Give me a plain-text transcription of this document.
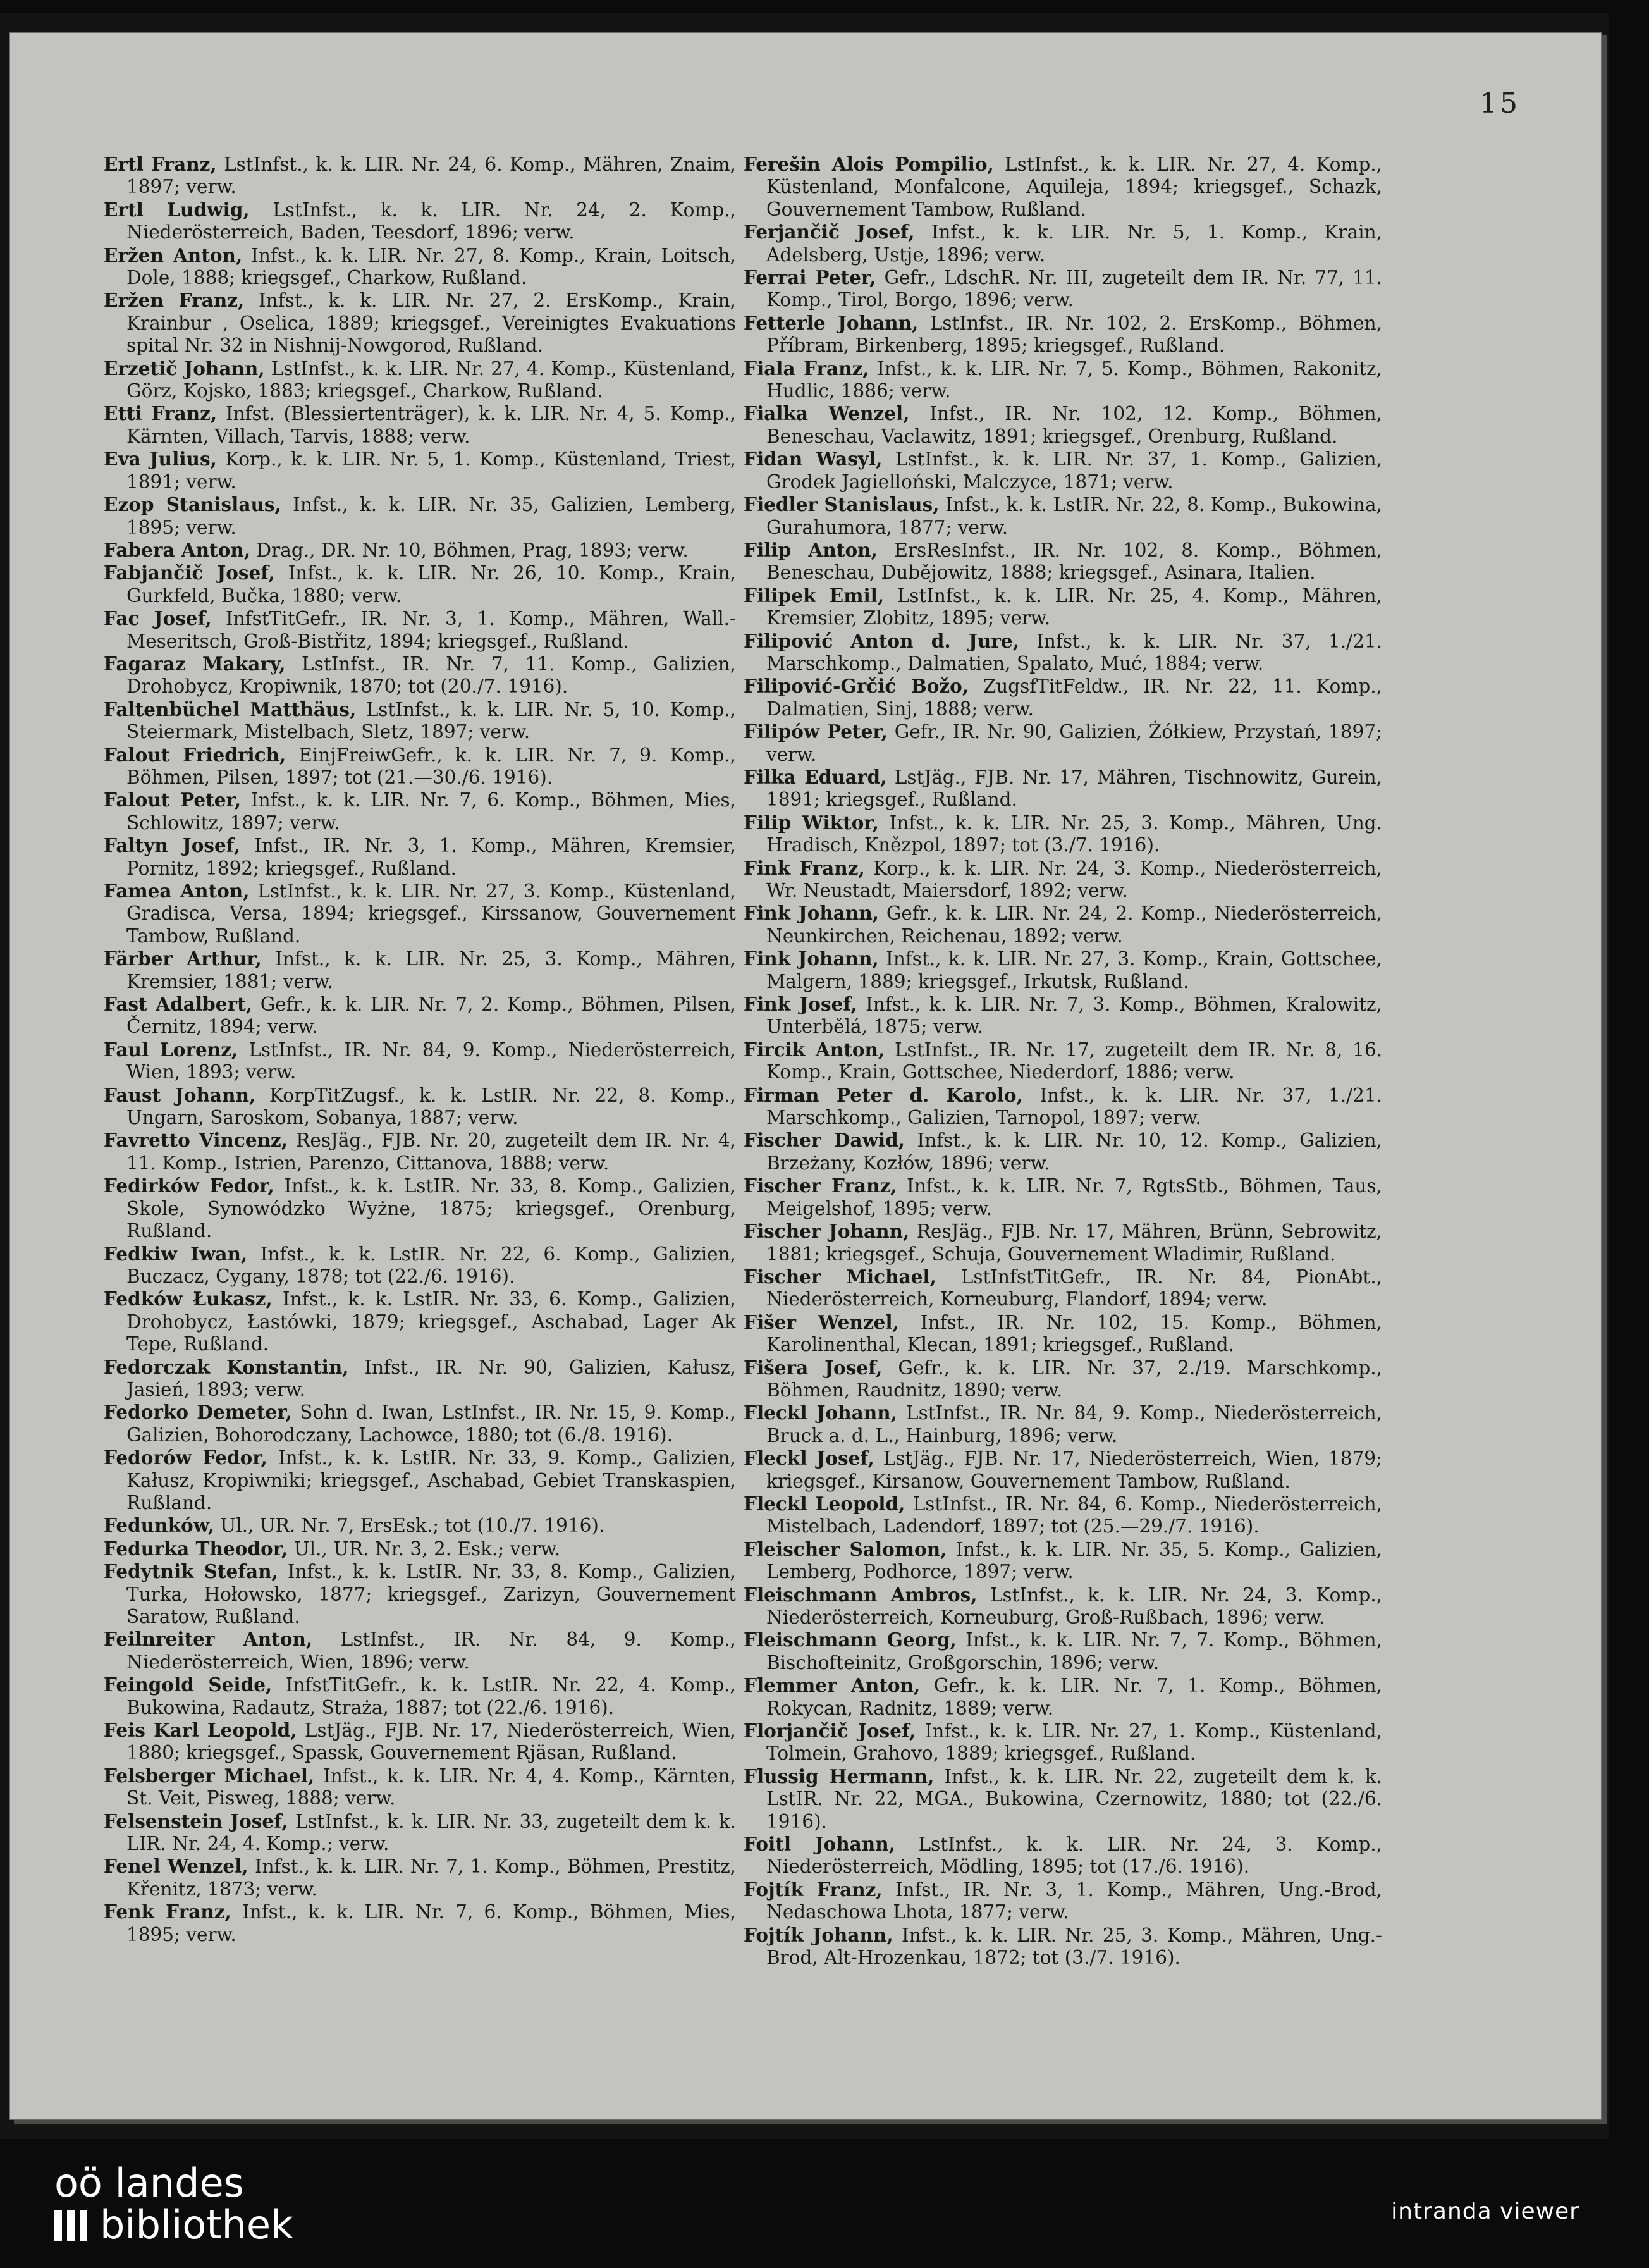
15

Ertl Franz, LstInfst., k. k. LIR. Nr. 24, 6. Komp., Mähren, Znaim, 1897; verw.

Ertl Ludwig, LstInfst., k. k. LIR. Nr. 24, 2. Komp., Niederösterreich, Baden, Teesdorf, 1896; verw.

Eržen Anton, Infst., k. k. LIR. Nr. 27, 8. Komp., Krain, Loitsch, Dole, 1888; kriegsgef., Charkow, Rußland.

Eržen Franz, Infst., k. k. LIR. Nr. 27, 2. ErsKomp., Krain, Krainbur , Oselica, 1889; kriegsgef., Vereinigtes Evakuations spital Nr. 32 in Nishnij-Nowgorod, Rußland.

Erzetič Johann, LstInfst., k. k. LIR. Nr. 27, 4. Komp., Küstenland, Görz, Kojsko, 1883; kriegsgef., Charkow, Rußland.

Etti Franz, Infst. (Blessiertenträger), k. k. LIR. Nr. 4, 5. Komp., Kärnten, Villach, Tarvis, 1888; verw.

Eva Julius, Korp., k. k. LIR. Nr. 5, 1. Komp., Küstenland, Triest, 1891; verw.

Ezop Stanislaus, Infst., k. k. LIR. Nr. 35, Galizien, Lemberg, 1895; verw.

Fabera Anton, Drag., DR. Nr. 10, Böhmen, Prag, 1893; verw.

Fabjančič Josef, Infst., k. k. LIR. Nr. 26, 10. Komp., Krain, Gurkfeld, Bučka, 1880; verw.

Fac Josef, InfstTitGefr., IR. Nr. 3, 1. Komp., Mähren, Wall.-Meseritsch, Groß-Bistřitz, 1894; kriegsgef., Rußland.

Fagaraz Makary, LstInfst., IR. Nr. 7, 11. Komp., Galizien, Drohobycz, Kropiwnik, 1870; tot (20./7. 1916).

Faltenbüchel Matthäus, LstInfst., k. k. LIR. Nr. 5, 10. Komp., Steiermark, Mistelbach, Sletz, 1897; verw.

Falout Friedrich, EinjFreiwGefr., k. k. LIR. Nr. 7, 9. Komp., Böhmen, Pilsen, 1897; tot (21.—30./6. 1916).

Falout Peter, Infst., k. k. LIR. Nr. 7, 6. Komp., Böhmen, Mies, Schlowitz, 1897; verw.

Faltyn Josef, Infst., IR. Nr. 3, 1. Komp., Mähren, Kremsier, Pornitz, 1892; kriegsgef., Rußland.

Famea Anton, LstInfst., k. k. LIR. Nr. 27, 3. Komp., Küstenland, Gradisca, Versa, 1894; kriegsgef., Kirssanow, Gouvernement Tambow, Rußland.

Färber Arthur, Infst., k. k. LIR. Nr. 25, 3. Komp., Mähren, Kremsier, 1881; verw.

Fast Adalbert, Gefr., k. k. LIR. Nr. 7, 2. Komp., Böhmen, Pilsen, Černitz, 1894; verw.

Faul Lorenz, LstInfst., IR. Nr. 84, 9. Komp., Niederösterreich, Wien, 1893; verw.

Faust Johann, KorpTitZugsf., k. k. LstIR. Nr. 22, 8. Komp., Ungarn, Saroskom, Sobanya, 1887; verw.

Favretto Vincenz, ResJäg., FJB. Nr. 20, zugeteilt dem IR. Nr. 4, 11. Komp., Istrien, Parenzo, Cittanova, 1888; verw.

Fedirków Fedor, Infst., k. k. LstIR. Nr. 33, 8. Komp., Galizien, Skole, Synowódzko Wyżne, 1875; kriegsgef., Orenburg, Rußland.

Fedkiw Iwan, Infst., k. k. LstIR. Nr. 22, 6. Komp., Galizien, Buczacz, Cygany, 1878; tot (22./6. 1916).

Fedków Łukasz, Infst., k. k. LstIR. Nr. 33, 6. Komp., Galizien, Drohobycz, Łastówki, 1879; kriegsgef., Aschabad, Lager Ak Tepe, Rußland.

Fedorczak Konstantin, Infst., IR. Nr. 90, Galizien, Kałusz, Jasień, 1893; verw.

Fedorko Demeter, Sohn d. Iwan, LstInfst., IR. Nr. 15, 9. Komp., Galizien, Bohorodczany, Lachowce, 1880; tot (6./8. 1916).

Fedorów Fedor, Infst., k. k. LstIR. Nr. 33, 9. Komp., Galizien, Kałusz, Kropiwniki; kriegsgef., Aschabad, Gebiet Transkaspien, Rußland.

Fedunków, Ul., UR. Nr. 7, ErsEsk.; tot (10./7. 1916).

Fedurka Theodor, Ul., UR. Nr. 3, 2. Esk.; verw.

Fedytnik Stefan, Infst., k. k. LstIR. Nr. 33, 8. Komp., Galizien, Turka, Hołowsko, 1877; kriegsgef., Zarizyn, Gouvernement Saratow, Rußland.

Feilnreiter Anton, LstInfst., IR. Nr. 84, 9. Komp., Niederösterreich, Wien, 1896; verw.

Feingold Seide, InfstTitGefr., k. k. LstIR. Nr. 22, 4. Komp., Bukowina, Radautz, Straża, 1887; tot (22./6. 1916).

Feis Karl Leopold, LstJäg., FJB. Nr. 17, Niederösterreich, Wien, 1880; kriegsgef., Spassk, Gouvernement Rjäsan, Rußland.

Felsberger Michael, Infst., k. k. LIR. Nr. 4, 4. Komp., Kärnten, St. Veit, Pisweg, 1888; verw.

Felsenstein Josef, LstInfst., k. k. LIR. Nr. 33, zugeteilt dem k. k. LIR. Nr. 24, 4. Komp.; verw.

Fenel Wenzel, Infst., k. k. LIR. Nr. 7, 1. Komp., Böhmen, Prestitz, Křenitz, 1873; verw.

Fenk Franz, Infst., k. k. LIR. Nr. 7, 6. Komp., Böhmen, Mies, 1895; verw.

Ferešin Alois Pompilio, LstInfst., k. k. LIR. Nr. 27, 4. Komp., Küstenland, Monfalcone, Aquileja, 1894; kriegsgef., Schazk, Gouvernement Tambow, Rußland.

Ferjančič Josef, Infst., k. k. LIR. Nr. 5, 1. Komp., Krain, Adelsberg, Ustje, 1896; verw.

Ferrai Peter, Gefr., LdschR. Nr. III, zugeteilt dem IR. Nr. 77, 11. Komp., Tirol, Borgo, 1896; verw.

Fetterle Johann, LstInfst., IR. Nr. 102, 2. ErsKomp., Böhmen, Příbram, Birkenberg, 1895; kriegsgef., Rußland.

Fiala Franz, Infst., k. k. LIR. Nr. 7, 5. Komp., Böhmen, Rakonitz, Hudlic, 1886; verw.

Fialka Wenzel, Infst., IR. Nr. 102, 12. Komp., Böhmen, Beneschau, Vaclawitz, 1891; kriegsgef., Orenburg, Rußland.

Fidan Wasyl, LstInfst., k. k. LIR. Nr. 37, 1. Komp., Galizien, Grodek Jagielloński, Malczyce, 1871; verw.

Fiedler Stanislaus, Infst., k. k. LstIR. Nr. 22, 8. Komp., Bukowina, Gurahumora, 1877; verw.

Filip Anton, ErsResInfst., IR. Nr. 102, 8. Komp., Böhmen, Beneschau, Dubějowitz, 1888; kriegsgef., Asinara, Italien.

Filipek Emil, LstInfst., k. k. LIR. Nr. 25, 4. Komp., Mähren, Kremsier, Zlobitz, 1895; verw.

Filipović Anton d. Jure, Infst., k. k. LIR. Nr. 37, 1./21. Marschkomp., Dalmatien, Spalato, Muć, 1884; verw.

Filipović-Grčić Božo, ZugsfTitFeldw., IR. Nr. 22, 11. Komp., Dalmatien, Sinj, 1888; verw.

Filipów Peter, Gefr., IR. Nr. 90, Galizien, Żółkiew, Przystań, 1897; verw.

Filka Eduard, LstJäg., FJB. Nr. 17, Mähren, Tischnowitz, Gurein, 1891; kriegsgef., Rußland.

Filip Wiktor, Infst., k. k. LIR. Nr. 25, 3. Komp., Mähren, Ung. Hradisch, Knězpol, 1897; tot (3./7. 1916).

Fink Franz, Korp., k. k. LIR. Nr. 24, 3. Komp., Niederösterreich, Wr. Neustadt, Maiersdorf, 1892; verw.

Fink Johann, Gefr., k. k. LIR. Nr. 24, 2. Komp., Niederösterreich, Neunkirchen, Reichenau, 1892; verw.

Fink Johann, Infst., k. k. LIR. Nr. 27, 3. Komp., Krain, Gottschee, Malgern, 1889; kriegsgef., Irkutsk, Rußland.

Fink Josef, Infst., k. k. LIR. Nr. 7, 3. Komp., Böhmen, Kralowitz, Unterbělá, 1875; verw.

Fircik Anton, LstInfst., IR. Nr. 17, zugeteilt dem IR. Nr. 8, 16. Komp., Krain, Gottschee, Niederdorf, 1886; verw.

Firman Peter d. Karolo, Infst., k. k. LIR. Nr. 37, 1./21. Marschkomp., Galizien, Tarnopol, 1897; verw.

Fischer Dawid, Infst., k. k. LIR. Nr. 10, 12. Komp., Galizien, Brzeżany, Kozłów, 1896; verw.

Fischer Franz, Infst., k. k. LIR. Nr. 7, RgtsStb., Böhmen, Taus, Meigelshof, 1895; verw.

Fischer Johann, ResJäg., FJB. Nr. 17, Mähren, Brünn, Sebrowitz, 1881; kriegsgef., Schuja, Gouvernement Wladimir, Rußland.

Fischer Michael, LstInfstTitGefr., IR. Nr. 84, PionAbt., Niederösterreich, Korneuburg, Flandorf, 1894; verw.

Fišer Wenzel, Infst., IR. Nr. 102, 15. Komp., Böhmen, Karolinenthal, Klecan, 1891; kriegsgef., Rußland.

Fišera Josef, Gefr., k. k. LIR. Nr. 37, 2./19. Marschkomp., Böhmen, Raudnitz, 1890; verw.

Fleckl Johann, LstInfst., IR. Nr. 84, 9. Komp., Niederösterreich, Bruck a. d. L., Hainburg, 1896; verw.

Fleckl Josef, LstJäg., FJB. Nr. 17, Niederösterreich, Wien, 1879; kriegsgef., Kirsanow, Gouvernement Tambow, Rußland.

Fleckl Leopold, LstInfst., IR. Nr. 84, 6. Komp., Niederösterreich, Mistelbach, Ladendorf, 1897; tot (25.—29./7. 1916).

Fleischer Salomon, Infst., k. k. LIR. Nr. 35, 5. Komp., Galizien, Lemberg, Podhorce, 1897; verw.

Fleischmann Ambros, LstInfst., k. k. LIR. Nr. 24, 3. Komp., Niederösterreich, Korneuburg, Groß-Rußbach, 1896; verw.

Fleischmann Georg, Infst., k. k. LIR. Nr. 7, 7. Komp., Böhmen, Bischofteinitz, Großgorschin, 1896; verw.

Flemmer Anton, Gefr., k. k. LIR. Nr. 7, 1. Komp., Böhmen, Rokycan, Radnitz, 1889; verw.

Florjančič Josef, Infst., k. k. LIR. Nr. 27, 1. Komp., Küstenland, Tolmein, Grahovo, 1889; kriegsgef., Rußland.

Flussig Hermann, Infst., k. k. LIR. Nr. 22, zugeteilt dem k. k. LstIR. Nr. 22, MGA., Bukowina, Czernowitz, 1880; tot (22./6. 1916).

Foitl Johann, LstInfst., k. k. LIR. Nr. 24, 3. Komp., Niederösterreich, Mödling, 1895; tot (17./6. 1916).

Fojtík Franz, Infst., IR. Nr. 3, 1. Komp., Mähren, Ung.-Brod, Nedaschowa Lhota, 1877; verw.

Fojtík Johann, Infst., k. k. LIR. Nr. 25, 3. Komp., Mähren, Ung.-Brod, Alt-Hrozenkau, 1872; tot (3./7. 1916).

oö landes
bibliothek	intranda viewer
